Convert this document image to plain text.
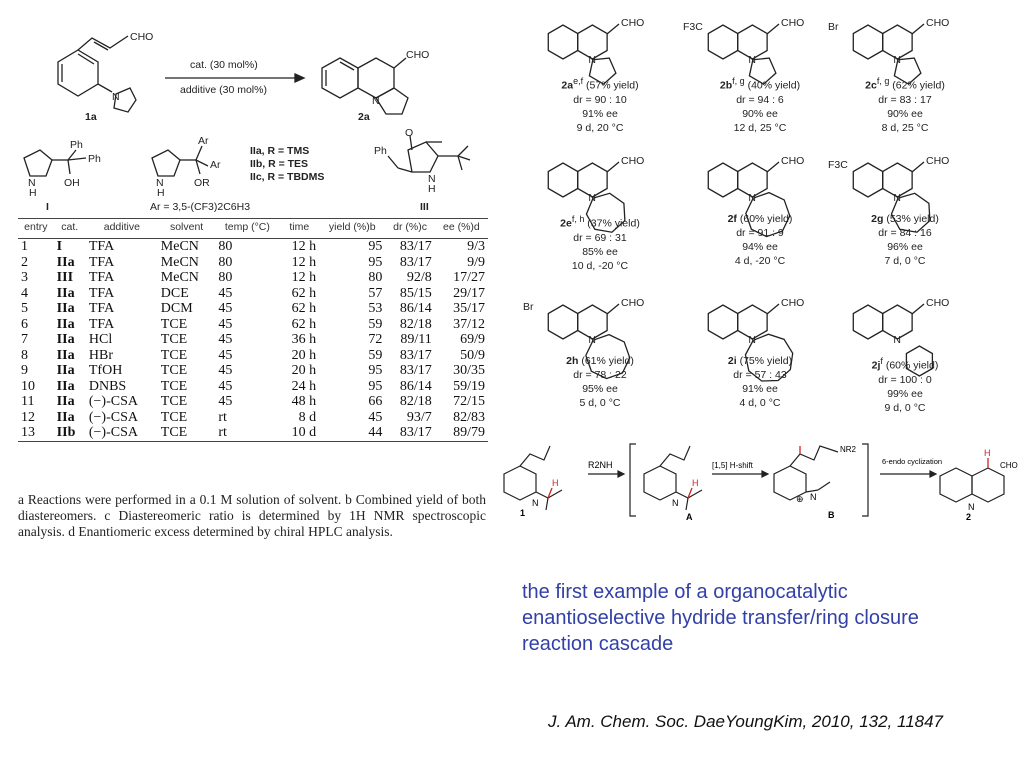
CHO
N
1a
cat. (30 mol%)
additive (30 mol%)
CHO
N
2a
Ph
Ph
OH
N
H
I
Ar
Ar
OR
N
H
IIa, R = TMS
IIb, R = TES
IIc, R = TBDMS
Ar = 3,5-(CF3)2C6H3
Ph
O
N
H
III
entry	cat.	additive	solvent	temp (°C)	time	yield (%)b	dr (%)c	ee (%)d
1	I	TFA	MeCN	80	12 h	95	83/17	9/3
2	IIa	TFA	MeCN	80	12 h	95	83/17	9/9
3	III	TFA	MeCN	80	12 h	80	92/8	17/27
4	IIa	TFA	DCE	45	62 h	57	85/15	29/17
5	IIa	TFA	DCM	45	62 h	53	86/14	35/17
6	IIa	TFA	TCE	45	62 h	59	82/18	37/12
7	IIa	HCl	TCE	45	36 h	72	89/11	69/9
8	IIa	HBr	TCE	45	20 h	59	83/17	50/9
9	IIa	TfOH	TCE	45	20 h	95	83/17	30/35
10	IIa	DNBS	TCE	45	24 h	95	86/14	59/19
11	IIa	(−)-CSA	TCE	45	48 h	66	82/18	72/15
12	IIa	(−)-CSA	TCE	rt	8 d	45	93/7	82/83
13	IIb	(−)-CSA	TCE	rt	10 d	44	83/17	89/79
a Reactions were performed in a 0.1 M solution of solvent. b Combined yield of both diastereomers. c Diastereomeric ratio is determined by 1H NMR spectroscopic analysis. d Enantiomeric excess determined by chiral HPLC analysis.
CHO
N
CHO
N
F3C	CHO
N
Br
CHO
N
CHO
N
CHO
N
F3C
CHO
N
Br	CHO
N
CHO
N
$2a^{e,f}$ (57% yield)
dr = 90 : 10
91% ee
9 d, 20 °C
$2b^{f, g}$ (40% yield)
dr = 94 : 6
90% ee
12 d, 25 °C
$2c^{f, g}$ (62% yield)
dr = 83 : 17
90% ee
8 d, 25 °C
$2e^{f, h}$ (37% yield)
dr = 69 : 31
85% ee
10 d, -20 °C
2f (60% yield)
dr = 91 : 9
94% ee
4 d, -20 °C
2g (53% yield)
dr = 84 : 16
96% ee
7 d, 0 °C
2h (61% yield)
dr = 78 : 22
95% ee
5 d, 0 °C
2i (75% yield)
dr = 57 : 43
91% ee
4 d, 0 °C
$2j^f$ (60% yield)
dr = 100 : 0
99% ee
9 d, 0 °C
H	H
H
N
1
R2NH
N
A
[1,5] H-shift
NR2
N
⊕
B
6-endo cyclization	CHO
N
2
the first example of a organocatalytic enantioselective hydride transfer/ring closure reaction cascade
J. Am. Chem. Soc. DaeYoungKim, 2010, 132, 11847
